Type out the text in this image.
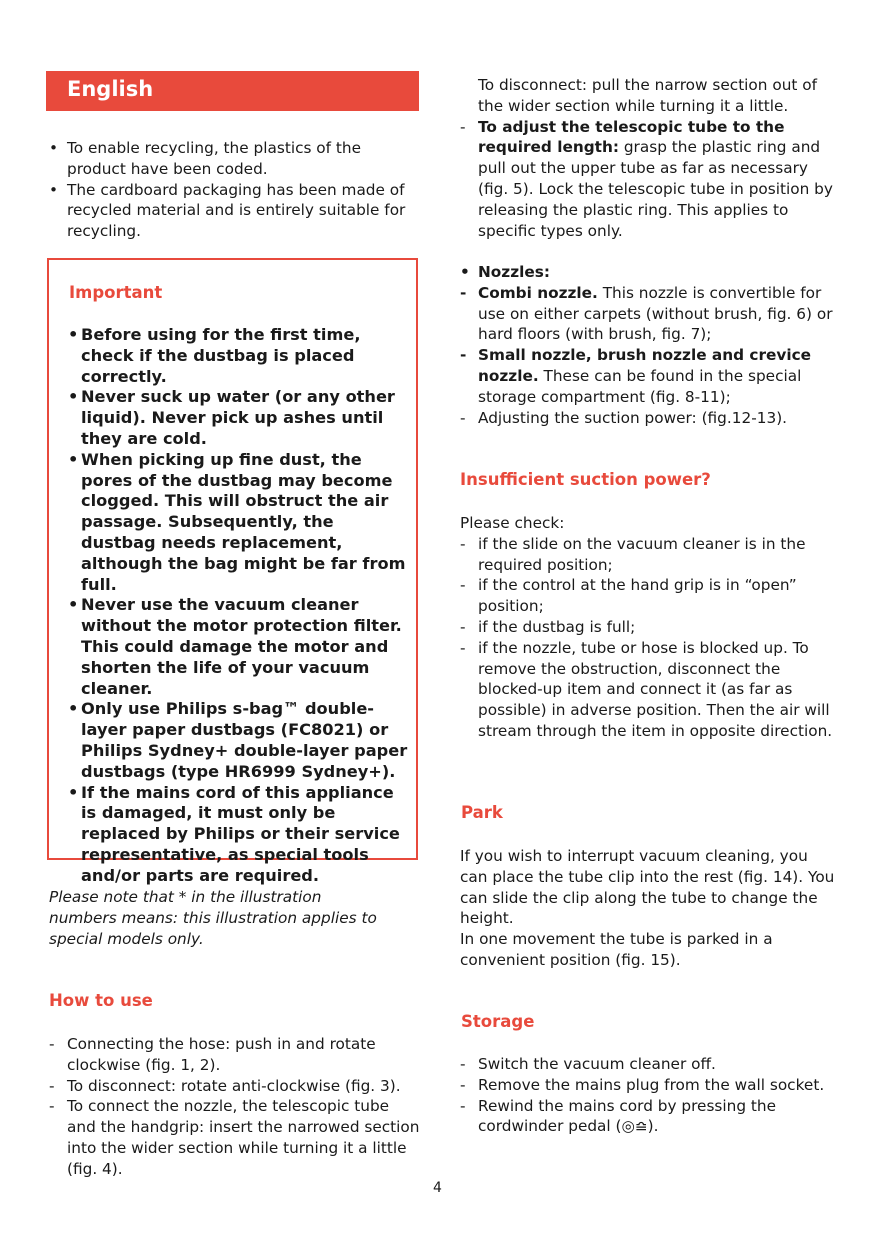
English
• To enable recycling, the plastics of the product have been coded.
• The cardboard packaging has been made of recycled material and is entirely suitable for recycling.
Important
• Before using for the first time, check if the dustbag is placed correctly.
• Never suck up water (or any other liquid). Never pick up ashes until they are cold.
• When picking up fine dust, the pores of the dustbag may become clogged. This will obstruct the air passage. Subsequently, the dustbag needs replacement, although the bag might be far from full.
• Never use the vacuum cleaner without the motor protection filter. This could damage the motor and shorten the life of your vacuum cleaner.
• Only use Philips s-bag™ double-layer paper dustbags (FC8021) or Philips Sydney+ double-layer paper dustbags (type HR6999 Sydney+).
• If the mains cord of this appliance is damaged, it must only be replaced by Philips or their service representative, as special tools and/or parts are required.
Please note that * in the illustration numbers means: this illustration applies to special models only.
How to use
- Connecting the hose: push in and rotate clockwise (fig. 1, 2).
- To disconnect: rotate anti-clockwise (fig. 3).
- To connect the nozzle, the telescopic tube and the handgrip: insert the narrowed section into the wider section while turning it a little (fig. 4).
To disconnect: pull the narrow section out of the wider section while turning it a little.
- To adjust the telescopic tube to the required length: grasp the plastic ring and pull out the upper tube as far as necessary (fig. 5). Lock the telescopic tube in position by releasing the plastic ring. This applies to specific types only.
• Nozzles:
- Combi nozzle. This nozzle is convertible for use on either carpets (without brush, fig. 6) or hard floors (with brush, fig. 7);
- Small nozzle, brush nozzle and crevice nozzle. These can be found in the special storage compartment (fig. 8-11);
- Adjusting the suction power: (fig.12-13).
Insufficient suction power?
Please check:
- if the slide on the vacuum cleaner is in the required position;
- if the control at the hand grip is in “open” position;
- if the dustbag is full;
- if the nozzle, tube or hose is blocked up. To remove the obstruction, disconnect the blocked-up item and connect it (as far as possible) in adverse position. Then the air will stream through the item in opposite direction.
Park
If you wish to interrupt vacuum cleaning, you can place the tube clip into the rest (fig. 14). You can slide the clip along the tube to change the height.
In one movement the tube is parked in a convenient position (fig. 15).
Storage
- Switch the vacuum cleaner off.
- Remove the mains plug from the wall socket.
- Rewind the mains cord by pressing the cordwinder pedal (◎⪮).
4
